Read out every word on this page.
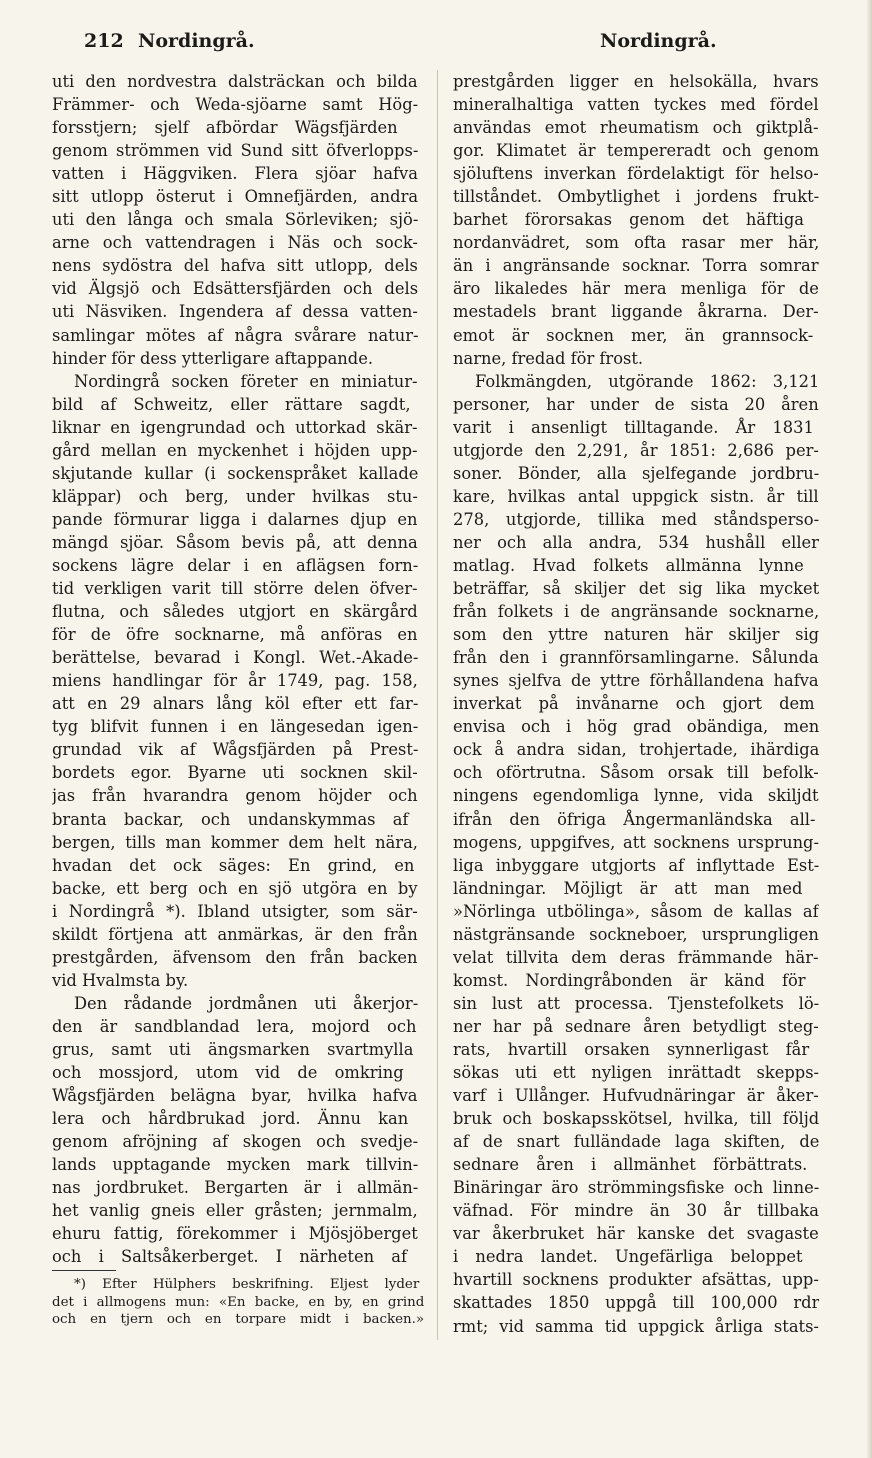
212 Nordingrå.	Nordingrå.
uti den nordvestra dalsträckan och bilda
Främmer- och Weda-sjöarne samt Hög-
forsstjern; sjelf afbördar Wägsfjärden
genom strömmen vid Sund sitt öfverlopps-
vatten i Häggviken. Flera sjöar hafva
sitt utlopp österut i Omnefjärden, andra
uti den långa och smala Sörleviken; sjö-
arne och vattendragen i Näs och sock-
nens sydöstra del hafva sitt utlopp, dels
vid Älgsjö och Edsättersfjärden och dels
uti Näsviken. Ingendera af dessa vatten-
samlingar mötes af några svårare natur-
hinder för dess ytterligare aftappande.
Nordingrå socken företer en miniatur-
bild af Schweitz, eller rättare sagdt,
liknar en igengrundad och uttorkad skär-
gård mellan en myckenhet i höjden upp-
skjutande kullar (i sockenspråket kallade
kläppar) och berg, under hvilkas stu-
pande förmurar ligga i dalarnes djup en
mängd sjöar. Såsom bevis på, att denna
sockens lägre delar i en aflägsen forn-
tid verkligen varit till större delen öfver-
flutna, och således utgjort en skärgård
för de öfre socknarne, må anföras en
berättelse, bevarad i Kongl. Wet.-Akade-
miens handlingar för år 1749, pag. 158,
att en 29 alnars lång köl efter ett far-
tyg blifvit funnen i en längesedan igen-
grundad vik af Wågsfjärden på Prest-
bordets egor. Byarne uti socknen skil-
jas från hvarandra genom höjder och
branta backar, och undanskymmas af
bergen, tills man kommer dem helt nära,
hvadan det ock säges: En grind, en
backe, ett berg och en sjö utgöra en by
i Nordingrå *). Ibland utsigter, som sär-
skildt förtjena att anmärkas, är den från
prestgården, äfvensom den från backen
vid Hvalmsta by.
Den rådande jordmånen uti åkerjor-
den är sandblandad lera, mojord och
grus, samt uti ängsmarken svartmylla
och mossjord, utom vid de omkring
Wågsfjärden belägna byar, hvilka hafva
lera och hårdbrukad jord. Ännu kan
genom afröjning af skogen och svedje-
lands upptagande mycken mark tillvin-
nas jordbruket. Bergarten är i allmän-
het vanlig gneis eller gråsten; jernmalm,
ehuru fattig, förekommer i Mjösjöberget
och i Saltsåkerberget. I närheten af
prestgården ligger en helsokälla, hvars
mineralhaltiga vatten tyckes med fördel
användas emot rheumatism och giktplå-
gor. Klimatet är tempereradt och genom
sjöluftens inverkan fördelaktigt för helso-
tillståndet. Ombytlighet i jordens frukt-
barhet förorsakas genom det häftiga
nordanvädret, som ofta rasar mer här,
än i angränsande socknar. Torra somrar
äro likaledes här mera menliga för de
mestadels brant liggande åkrarna. Der-
emot är socknen mer, än grannsock-
narne, fredad för frost.
Folkmängden, utgörande 1862: 3,121
personer, har under de sista 20 åren
varit i ansenligt tilltagande. År 1831
utgjorde den 2,291, år 1851: 2,686 per-
soner. Bönder, alla sjelfegande jordbru-
kare, hvilkas antal uppgick sistn. år till
278, utgjorde, tillika med ståndsperso-
ner och alla andra, 534 hushåll eller
matlag. Hvad folkets allmänna lynne
beträffar, så skiljer det sig lika mycket
från folkets i de angränsande socknarne,
som den yttre naturen här skiljer sig
från den i grannförsamlingarne. Sålunda
synes sjelfva de yttre förhållandena hafva
inverkat på invånarne och gjort dem
envisa och i hög grad obändiga, men
ock å andra sidan, trohjertade, ihärdiga
och oförtrutna. Såsom orsak till befolk-
ningens egendomliga lynne, vida skiljdt
ifrån den öfriga Ångermanländska all-
mogens, uppgifves, att socknens ursprung-
liga inbyggare utgjorts af inflyttade Est-
ländningar. Möjligt är att man med
»Nörlinga utbölinga», såsom de kallas af
nästgränsande sockneboer, ursprungligen
velat tillvita dem deras främmande här-
komst. Nordingråbonden är känd för
sin lust att processa. Tjenstefolkets lö-
ner har på sednare åren betydligt steg-
rats, hvartill orsaken synnerligast får
sökas uti ett nyligen inrättadt skepps-
varf i Ullånger. Hufvudnäringar är åker-
bruk och boskapsskötsel, hvilka, till följd
af de snart fulländade laga skiften, de
sednare åren i allmänhet förbättrats.
Binäringar äro strömmingsfiske och linne-
väfnad. För mindre än 30 år tillbaka
var åkerbruket här kanske det svagaste
i nedra landet. Ungefärliga beloppet
hvartill socknens produkter afsättas, upp-
skattades 1850 uppgå till 100,000 rdr
rmt; vid samma tid uppgick årliga stats-
*) Efter Hülphers beskrifning. Eljest lyder
det i allmogens mun: «En backe, en by, en grind
och en tjern och en torpare midt i backen.»
